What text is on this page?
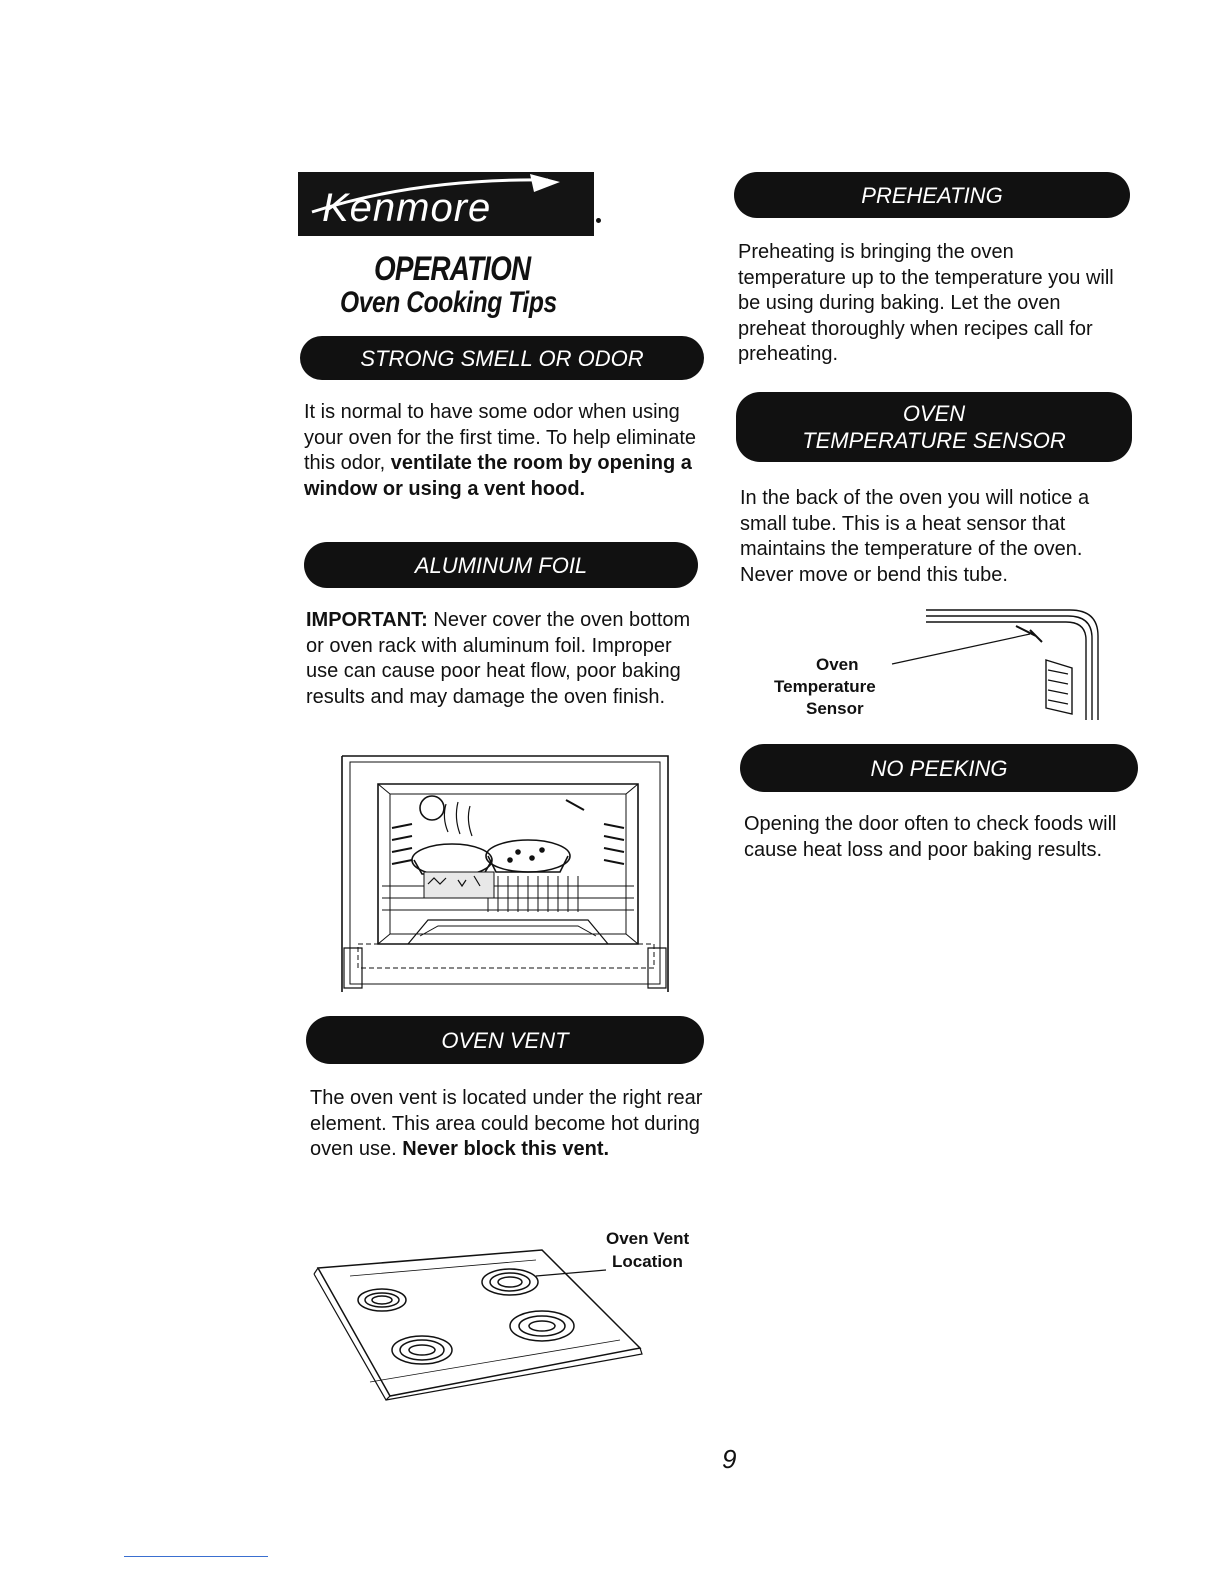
Kenmore
OPERATION
Oven Cooking Tips
STRONG SMELL OR ODOR
It is normal to have some odor when using your oven for the first time. To help eliminate this odor, ventilate the room by opening a window or using a vent hood.
ALUMINUM FOIL
IMPORTANT: Never cover the oven bottom or oven rack with aluminum foil. Improper use can cause poor heat flow, poor baking results and may damage the oven finish.
OVEN VENT
The oven vent is located under the right rear element. This area could become hot during oven use. Never block this vent.
Oven Vent
Location
PREHEATING
Preheating is bringing the oven temperature up to the temperature you will be using during baking. Let the oven preheat thoroughly when recipes call for preheating.
OVEN
TEMPERATURE SENSOR
In the back of the oven you will notice a small tube. This is a heat sensor that maintains the temperature of the oven. Never move or bend this tube.
Oven
Temperature
Sensor
NO PEEKING
Opening the door often to check foods will cause heat loss and poor baking results.
9
